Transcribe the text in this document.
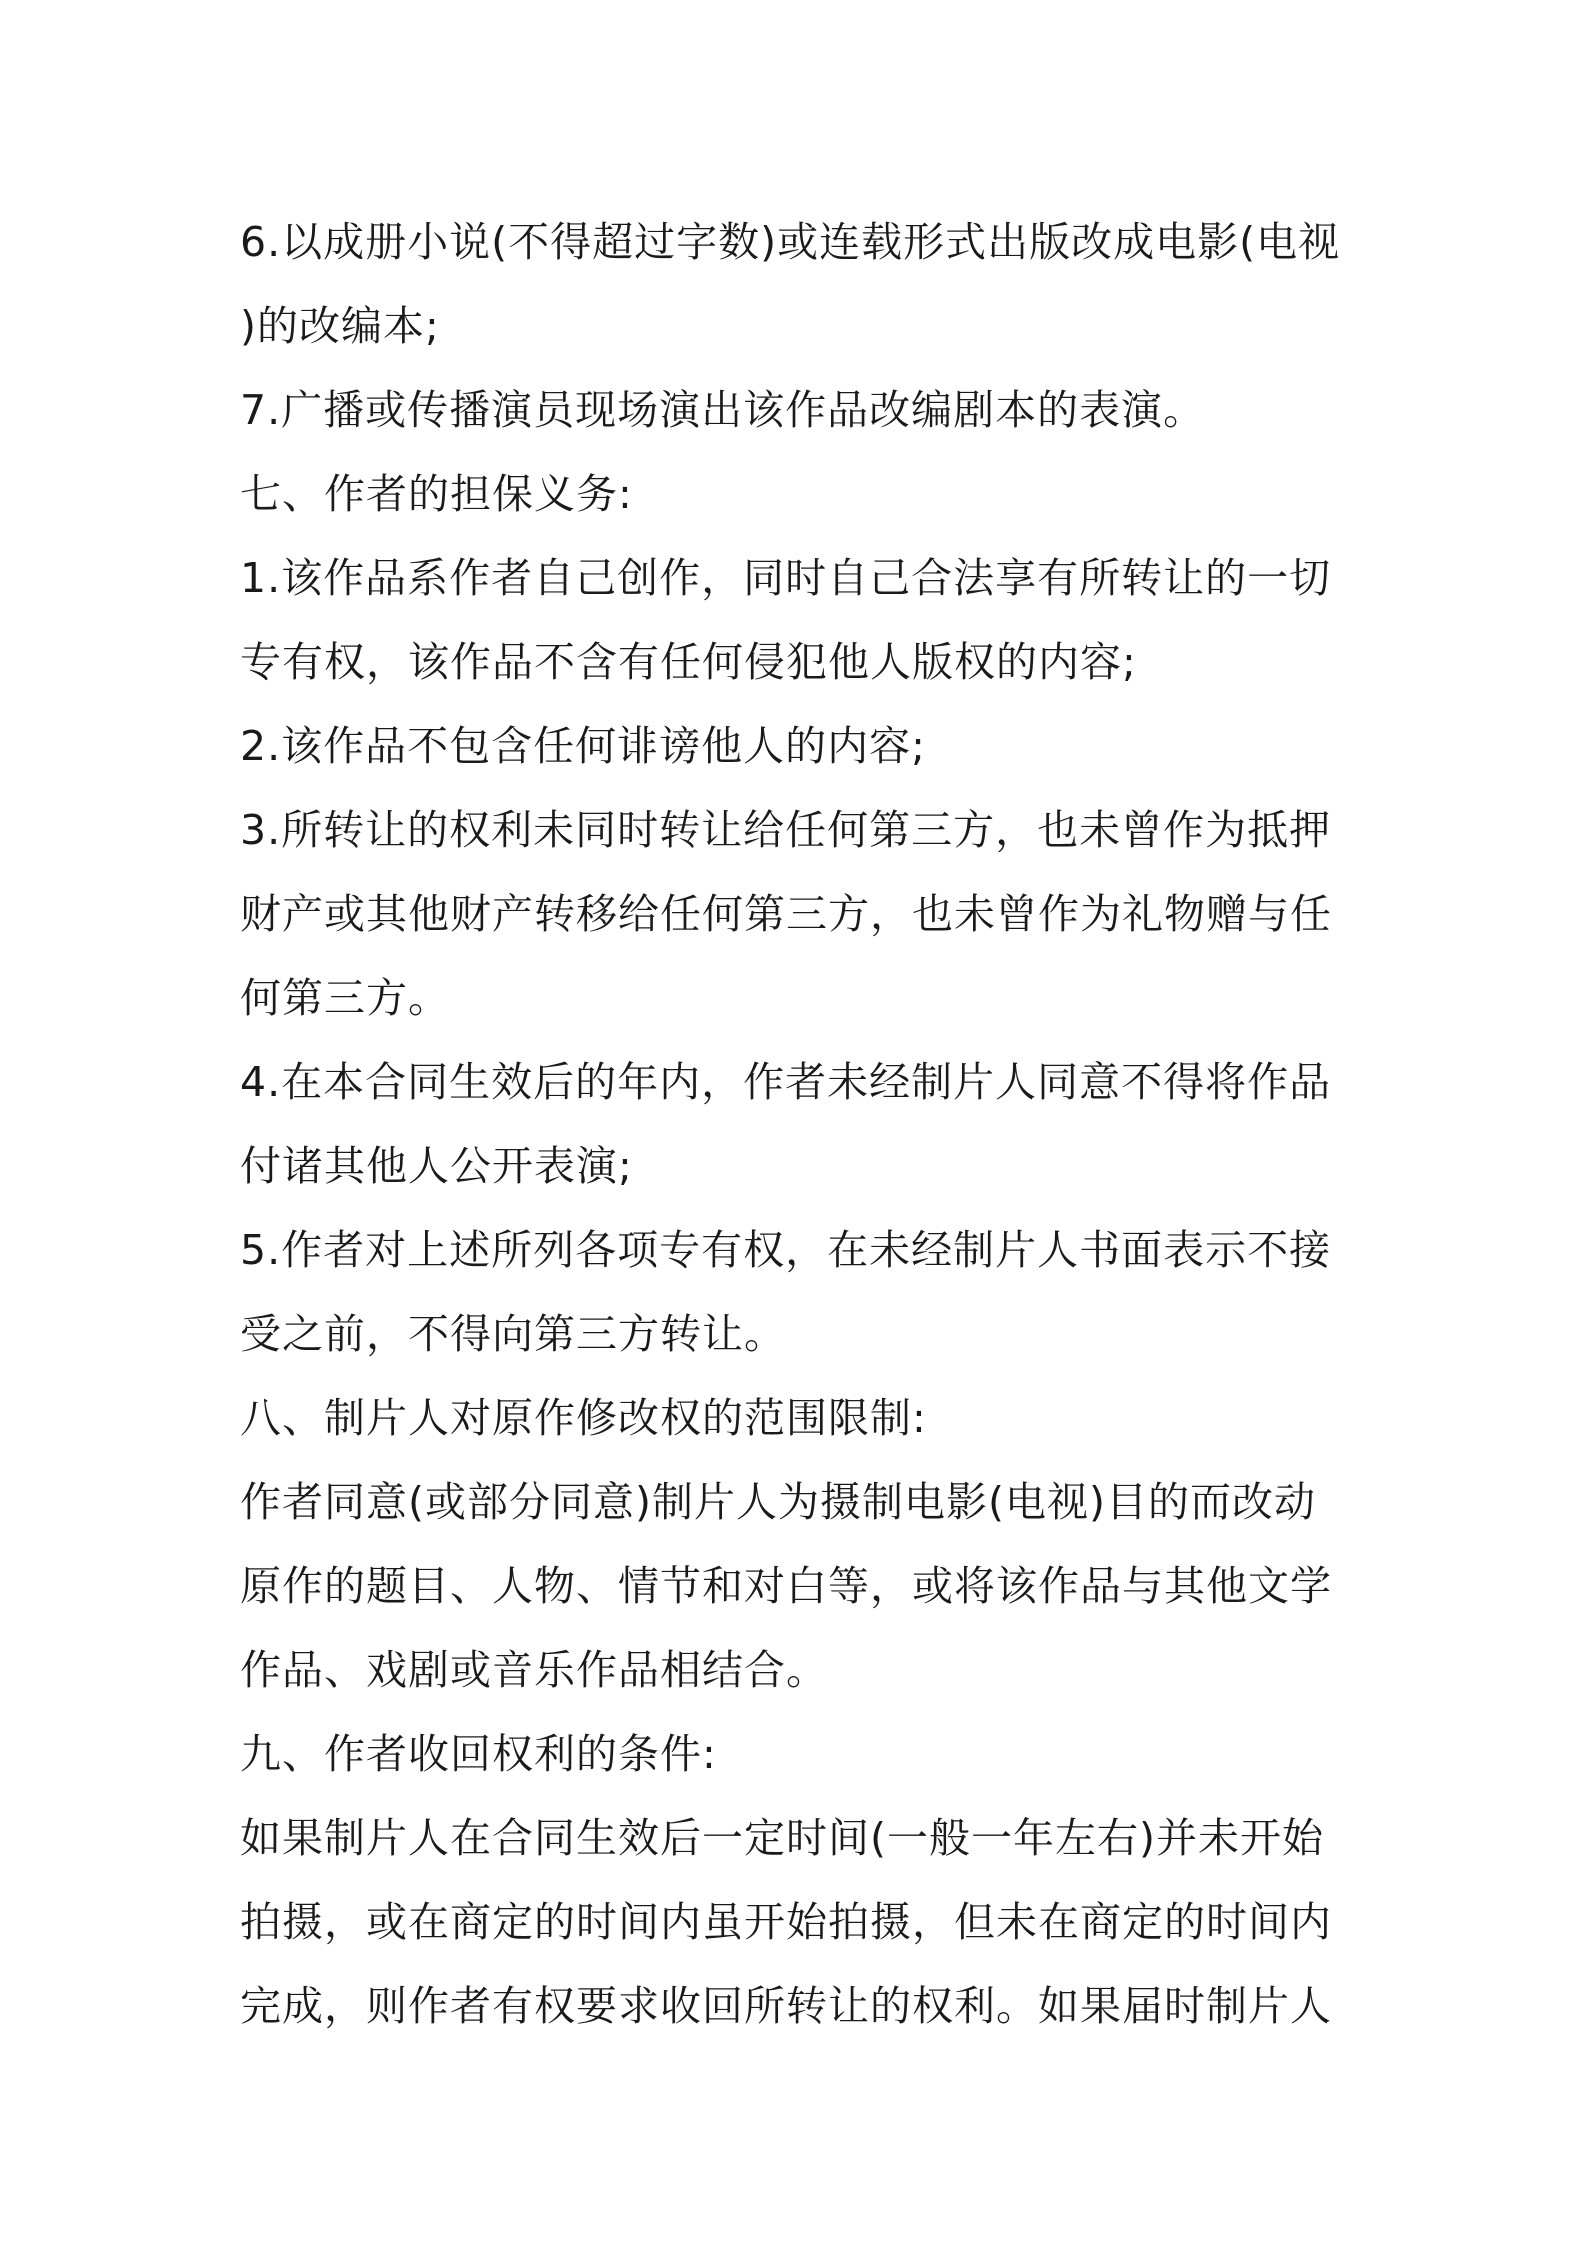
6.以成册小说(不得超过字数)或连载形式出版改成电影(电视
)的改编本;
7.广播或传播演员现场演出该作品改编剧本的表演。
七、作者的担保义务:
1.该作品系作者自己创作，同时自己合法享有所转让的一切
专有权，该作品不含有任何侵犯他人版权的内容;
2.该作品不包含任何诽谤他人的内容;
3.所转让的权利未同时转让给任何第三方，也未曾作为抵押
财产或其他财产转移给任何第三方，也未曾作为礼物赠与任
何第三方。
4.在本合同生效后的年内，作者未经制片人同意不得将作品
付诸其他人公开表演;
5.作者对上述所列各项专有权，在未经制片人书面表示不接
受之前，不得向第三方转让。
八、制片人对原作修改权的范围限制:
作者同意(或部分同意)制片人为摄制电影(电视)目的而改动
原作的题目、人物、情节和对白等，或将该作品与其他文学
作品、戏剧或音乐作品相结合。
九、作者收回权利的条件:
如果制片人在合同生效后一定时间(一般一年左右)并未开始
拍摄，或在商定的时间内虽开始拍摄，但未在商定的时间内
完成，则作者有权要求收回所转让的权利。如果届时制片人
